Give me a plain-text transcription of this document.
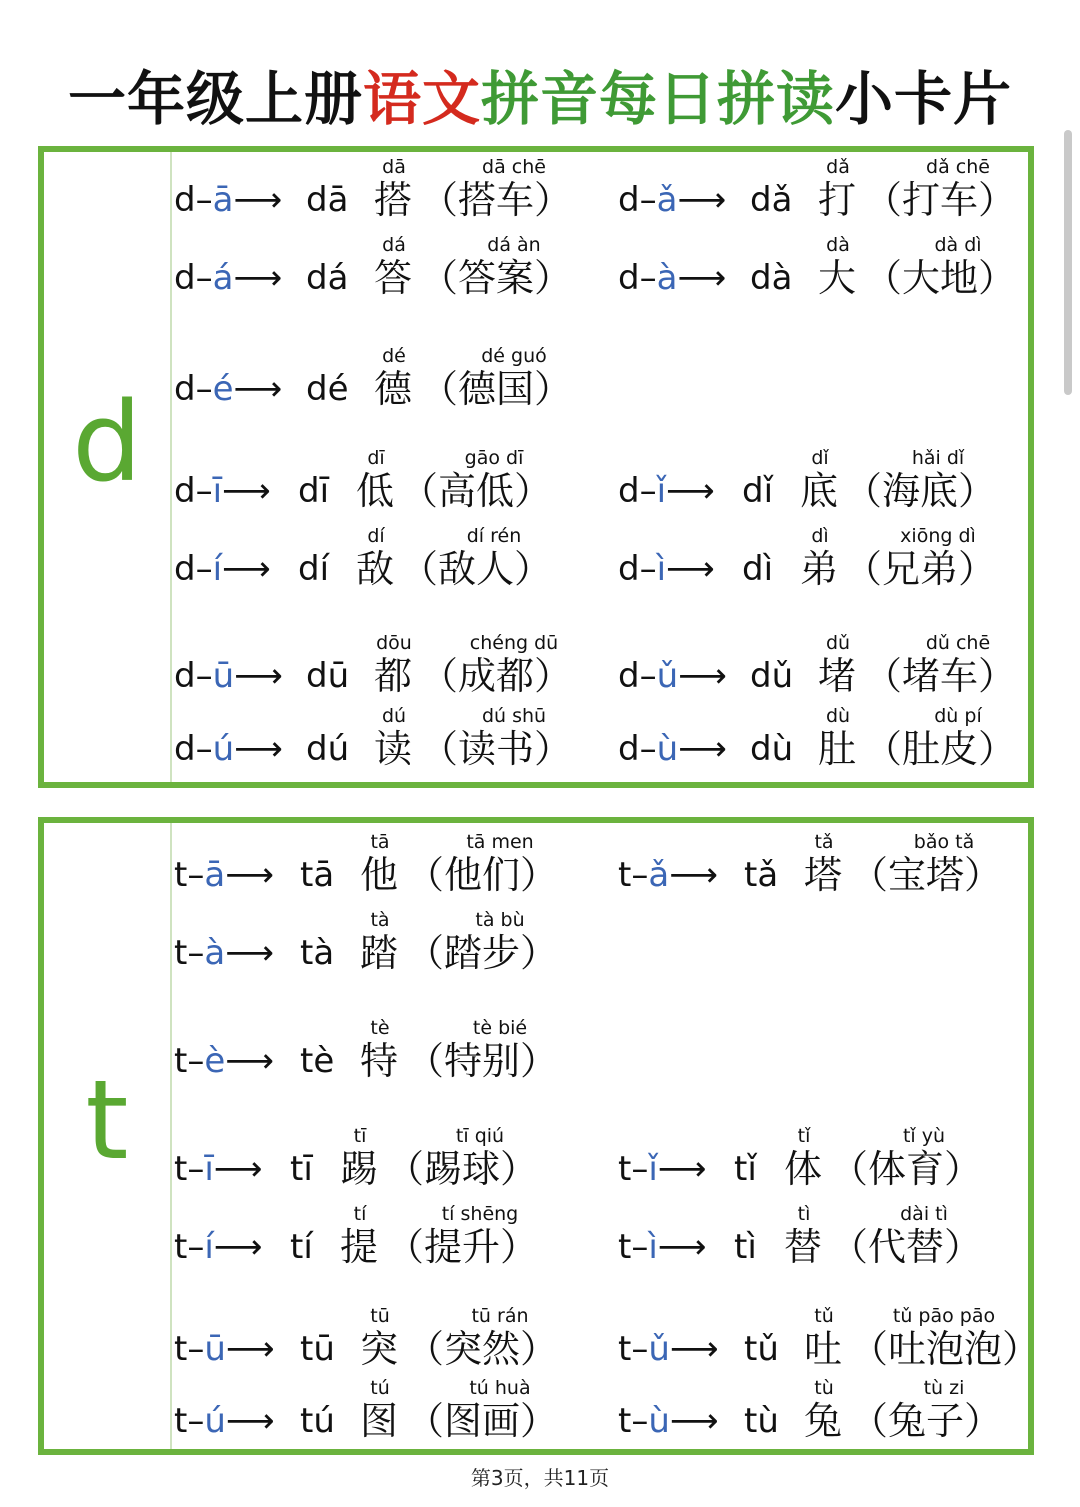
一年级上册语文拼音每日拼读小卡片
d
d–ā⟶ dā
dā
搭
dā chē
（搭车） d–ǎ⟶ dǎ
dǎ
打
dǎ chē
（打车）
d–á⟶ dá
dá
答
dá àn
（答案） d–à⟶ dà
dà
大
dà dì
（大地）
d–é⟶ dé
dé
德
dé guó
（德国）
d–ī⟶ dī
dī
低
gāo dī
（高低） d–ǐ⟶ dǐ
dǐ
底
hǎi dǐ
（海底）
d–í⟶ dí
dí
敌
dí rén
（敌人） d–ì⟶ dì
dì
弟
xiōng dì
（兄弟）
d–ū⟶ dū
dōu
都
chéng dū
（成都） d–ǔ⟶ dǔ
dǔ
堵
dǔ chē
（堵车）
d–ú⟶ dú
dú
读
dú shū
（读书） d–ù⟶ dù
dù
肚
dù pí
（肚皮）
t
t–ā⟶ tā
tā
他
tā men
（他们） t–ǎ⟶ tǎ
tǎ
塔
bǎo tǎ
（宝塔）
t–à⟶ tà
tà
踏
tà bù
（踏步）
t–è⟶ tè
tè
特
tè bié
（特别）
t–ī⟶ tī
tī
踢
tī qiú
（踢球） t–ǐ⟶ tǐ
tǐ
体
tǐ yù
（体育）
t–í⟶ tí
tí
提
tí shēng
（提升） t–ì⟶ tì
tì
替
dài tì
（代替）
t–ū⟶ tū
tū
突
tū rán
（突然） t–ǔ⟶ tǔ
tǔ
吐
tǔ pāo pāo
（吐泡泡）
t–ú⟶ tú
tú
图
tú huà
（图画） t–ù⟶ tù
tù
兔
tù zi
（兔子）
第3页，共11页
